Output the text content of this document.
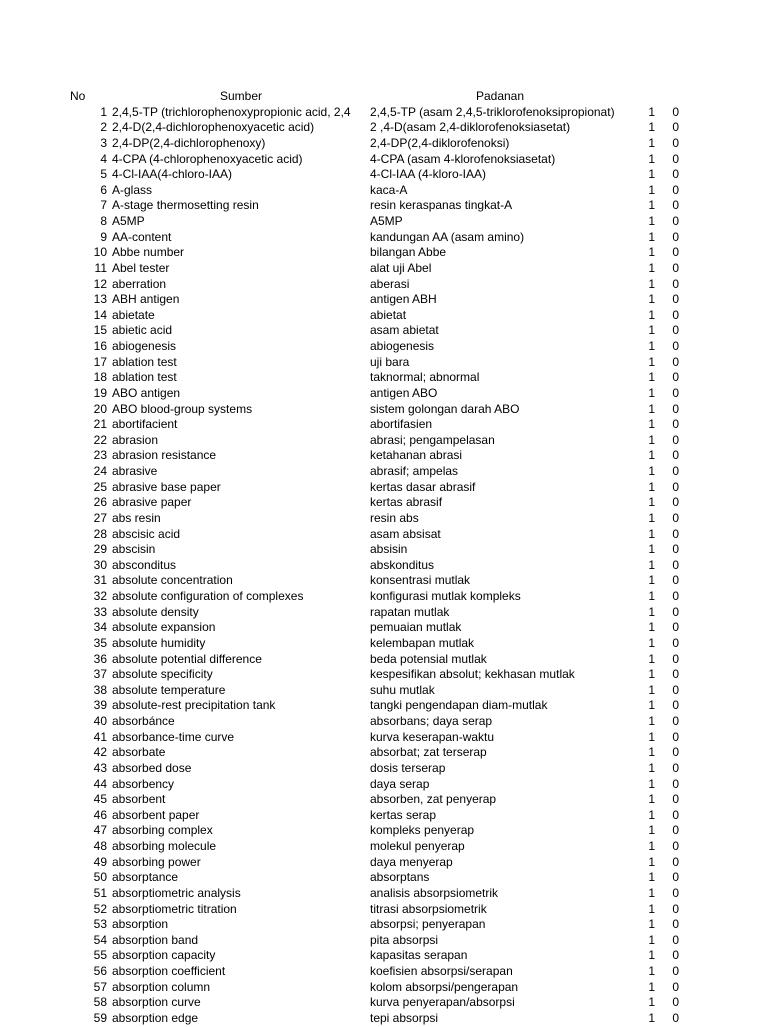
No	Sumber	Padanan
1 2,4,5-TP (trichlorophenoxypropionic acid, 2,4	2,4,5-TP (asam 2,4,5-triklorofenoksipropionat)	1	0
2 2,4-D(2,4-dichlorophenoxyacetic acid)	2 ,4-D(asam 2,4-diklorofenoksiasetat)	1	0
3 2,4-DP(2,4-dichlorophenoxy)	2,4-DP(2,4-diklorofenoksi)	1	0
4 4-CPA (4-chlorophenoxyacetic acid)	4-CPA (asam 4-klorofenoksiasetat)	1	0
5 4-Cl-IAA(4-chloro-IAA)	4-Cl-IAA (4-kloro-IAA)	1	0
6 A-glass	kaca-A	1	0
7 A-stage thermosetting resin	resin keraspanas tingkat-A	1	0
8 A5MP	A5MP	1	0
9 AA-content	kandungan AA (asam amino)	1	0
10 Abbe number	bilangan Abbe	1	0
11 Abel tester	alat uji Abel	1	0
12 aberration	aberasi	1	0
13 ABH antigen	antigen ABH	1	0
14 abietate	abietat	1	0
15 abietic acid	asam abietat	1	0
16 abiogenesis	abiogenesis	1	0
17 ablation test	uji bara	1	0
18 ablation test	taknormal; abnormal	1	0
19 ABO antigen	antigen ABO	1	0
20 ABO blood-group systems	sistem golongan darah ABO	1	0
21 abortifacient	abortifasien	1	0
22 abrasion	abrasi; pengampelasan	1	0
23 abrasion resistance	ketahanan abrasi	1	0
24 abrasive	abrasif; ampelas	1	0
25 abrasive base paper	kertas dasar abrasif	1	0
26 abrasive paper	kertas abrasif	1	0
27 abs resin	resin abs	1	0
28 abscisic acid	asam absisat	1	0
29 abscisin	absisin	1	0
30 absconditus	abskonditus	1	0
31 absolute concentration	konsentrasi mutlak	1	0
32 absolute configuration of complexes	konfigurasi mutlak kompleks	1	0
33 absolute density	rapatan mutlak	1	0
34 absolute expansion	pemuaian mutlak	1	0
35 absolute humidity	kelembapan mutlak	1	0
36 absolute potential difference	beda potensial mutlak	1	0
37 absolute specificity	kespesifikan absolut; kekhasan mutlak	1	0
38 absolute temperature	suhu mutlak	1	0
39 absolute-rest precipitation tank	tangki pengendapan diam-mutlak	1	0
40 absorbánce	absorbans; daya serap	1	0
41 absorbance-time curve	kurva keserapan-waktu	1	0
42 absorbate	absorbat; zat terserap	1	0
43 absorbed dose	dosis terserap	1	0
44 absorbency	daya serap	1	0
45 absorbent	absorben, zat penyerap	1	0
46 absorbent paper	kertas serap	1	0
47 absorbing complex	kompleks penyerap	1	0
48 absorbing molecule	molekul penyerap	1	0
49 absorbing power	daya menyerap	1	0
50 absorptance	absorptans	1	0
51 absorptiometric analysis	analisis absorpsiometrik	1	0
52 absorptiometric titration	titrasi absorpsiometrik	1	0
53 absorption	absorpsi; penyerapan	1	0
54 absorption band	pita absorpsi	1	0
55 absorption capacity	kapasitas serapan	1	0
56 absorption coefficient	koefisien absorpsi/serapan	1	0
57 absorption column	kolom absorpsi/pengerapan	1	0
58 absorption curve	kurva penyerapan/absorpsi	1	0
59 absorption edge	tepi absorpsi	1	0
